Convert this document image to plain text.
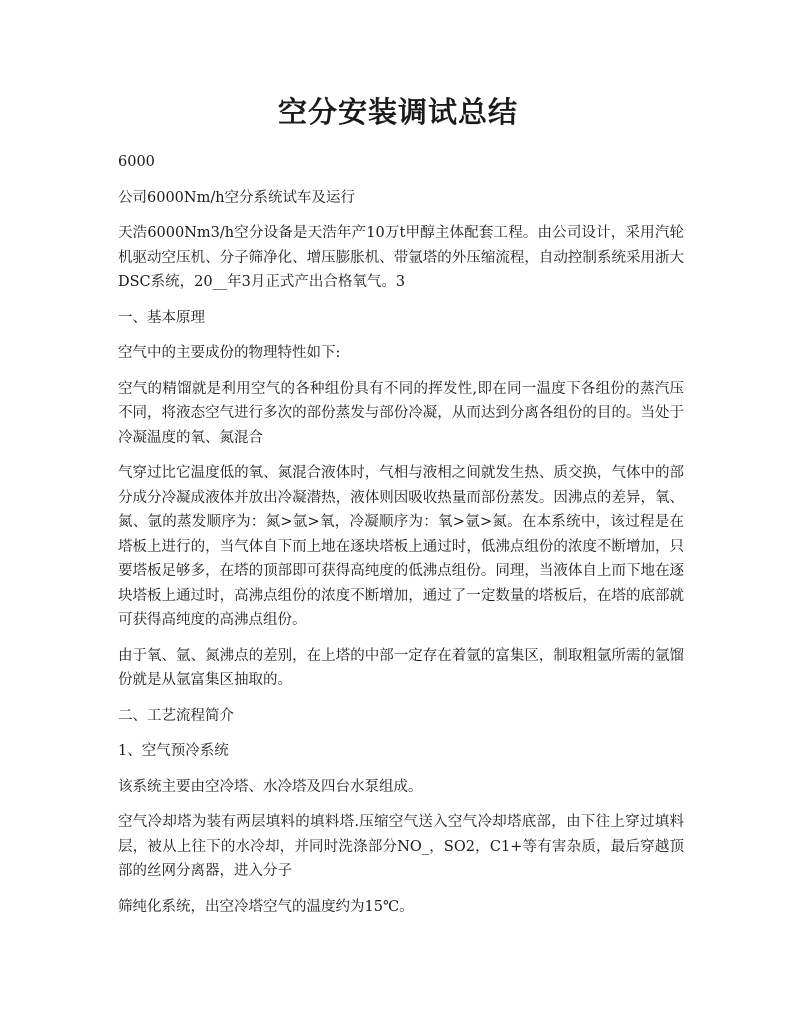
空分安装调试总结

6000

公司6000Nm/h空分系统试车及运行

天浩6000Nm3/h空分设备是天浩年产10万t甲醇主体配套工程。由公司设计，采用汽轮机驱动空压机、分子筛净化、增压膨胀机、带氩塔的外压缩流程，自动控制系统采用浙大DSC系统，20__年3月正式产出合格氧气。3

一、基本原理

空气中的主要成份的物理特性如下:

空气的精馏就是利用空气的各种组份具有不同的挥发性,即在同一温度下各组份的蒸汽压不同，将液态空气进行多次的部份蒸发与部份冷凝，从而达到分离各组份的目的。当处于冷凝温度的氧、氮混合

气穿过比它温度低的氧、氮混合液体时，气相与液相之间就发生热、质交换，气体中的部分成分冷凝成液体并放出冷凝潜热，液体则因吸收热量而部份蒸发。因沸点的差异，氧、氮、氩的蒸发顺序为：氮>氩>氧，冷凝顺序为：氧>氩>氮。在本系统中，该过程是在塔板上进行的，当气体自下而上地在逐块塔板上通过时，低沸点组份的浓度不断增加，只要塔板足够多，在塔的顶部即可获得高纯度的低沸点组份。同理，当液体自上而下地在逐块塔板上通过时，高沸点组份的浓度不断增加，通过了一定数量的塔板后，在塔的底部就可获得高纯度的高沸点组份。

由于氧、氩、氮沸点的差别，在上塔的中部一定存在着氩的富集区，制取粗氩所需的氩馏份就是从氩富集区抽取的。

二、工艺流程简介

1、空气预冷系统

该系统主要由空冷塔、水冷塔及四台水泵组成。

空气冷却塔为装有两层填料的填料塔.压缩空气送入空气冷却塔底部，由下往上穿过填料层，被从上往下的水冷却，并同时洗涤部分NO_，SO2，C1+等有害杂质，最后穿越顶部的丝网分离器，进入分子

筛纯化系统，出空冷塔空气的温度约为15℃。
